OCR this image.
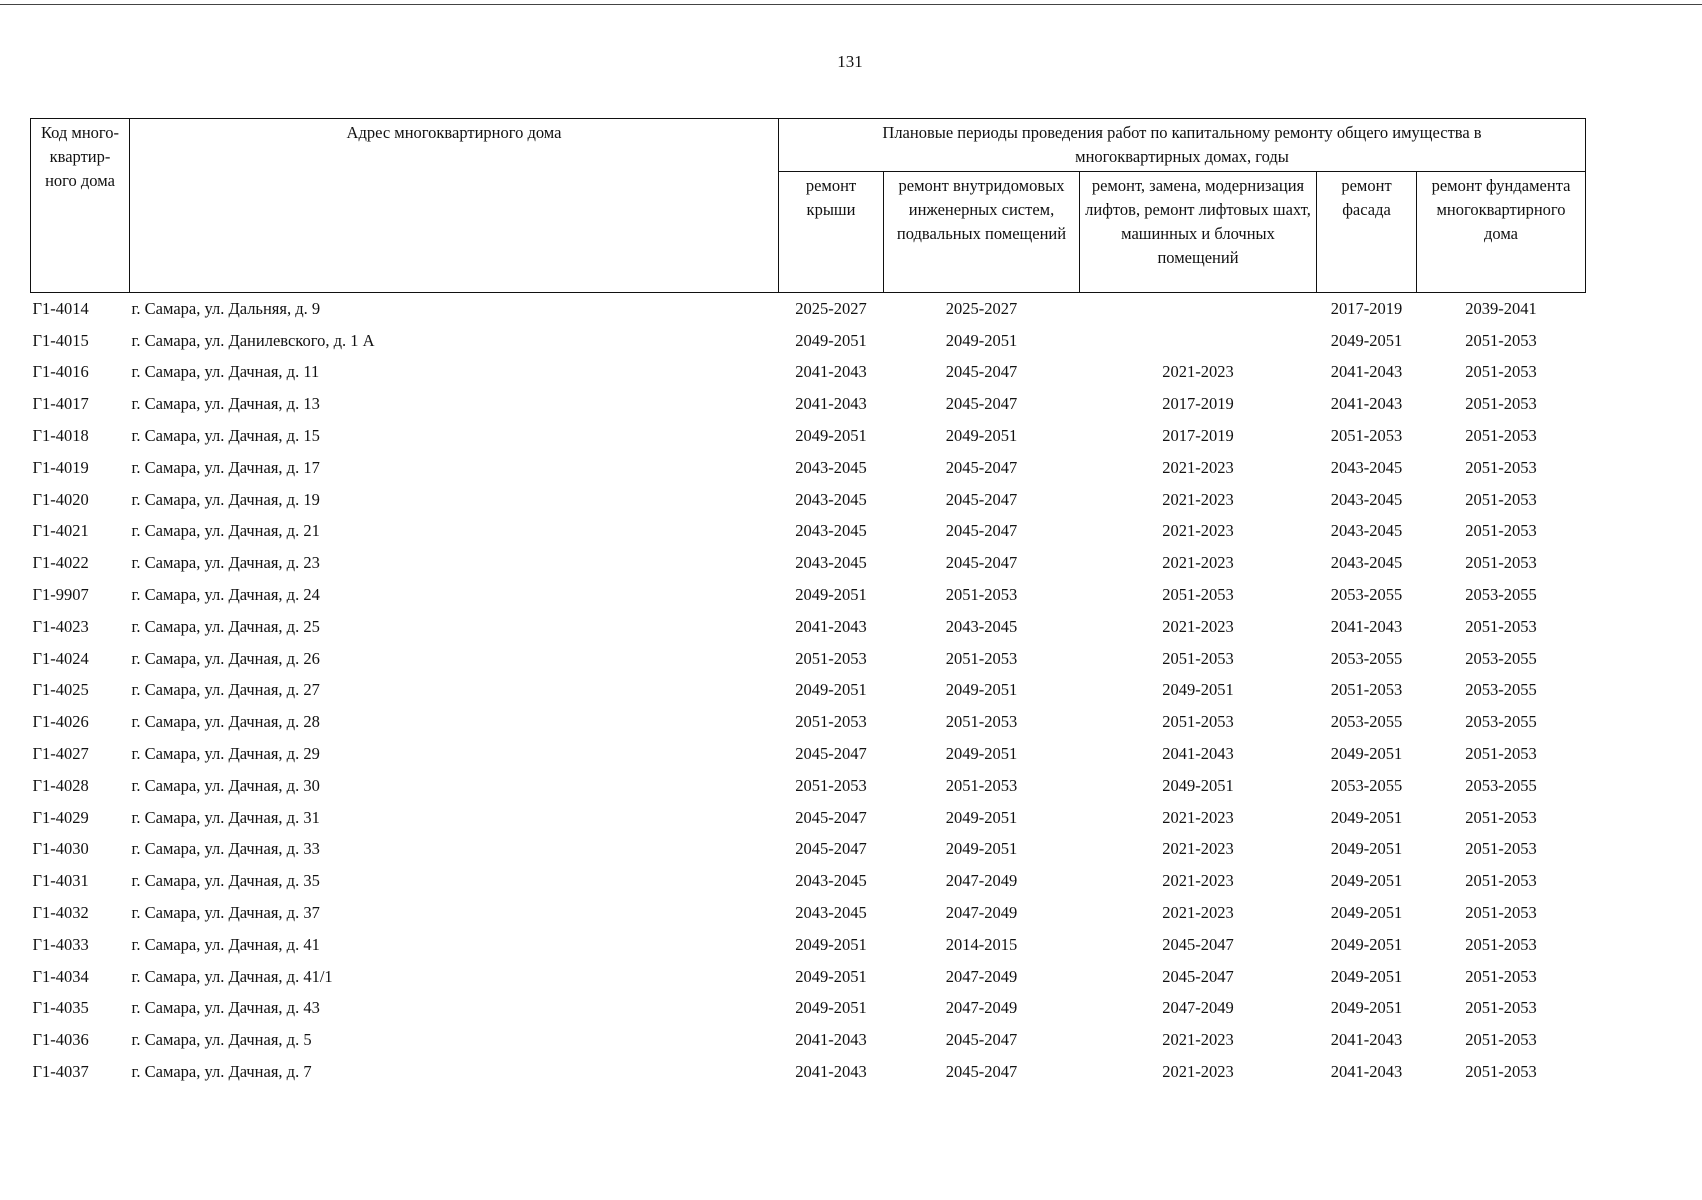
131
Код много-квартир-ного дома	Адрес многоквартирного дома	Плановые периоды проведения работ по капитальному ремонту общего имущества в многоквартирных домах, годы				
		ремонт крыши	ремонт внутридомовых инженерных систем, подвальных помещений	ремонт, замена, модернизация лифтов, ремонт лифтовых шахт, машинных и блочных помещений	ремонт фасада	ремонт фундамента многоквартирного дома
Г1-4014	г. Самара, ул. Дальняя, д. 9	2025-2027	2025-2027		2017-2019	2039-2041
Г1-4015	г. Самара, ул. Данилевского, д. 1 А	2049-2051	2049-2051		2049-2051	2051-2053
Г1-4016	г. Самара, ул. Дачная, д. 11	2041-2043	2045-2047	2021-2023	2041-2043	2051-2053
Г1-4017	г. Самара, ул. Дачная, д. 13	2041-2043	2045-2047	2017-2019	2041-2043	2051-2053
Г1-4018	г. Самара, ул. Дачная, д. 15	2049-2051	2049-2051	2017-2019	2051-2053	2051-2053
Г1-4019	г. Самара, ул. Дачная, д. 17	2043-2045	2045-2047	2021-2023	2043-2045	2051-2053
Г1-4020	г. Самара, ул. Дачная, д. 19	2043-2045	2045-2047	2021-2023	2043-2045	2051-2053
Г1-4021	г. Самара, ул. Дачная, д. 21	2043-2045	2045-2047	2021-2023	2043-2045	2051-2053
Г1-4022	г. Самара, ул. Дачная, д. 23	2043-2045	2045-2047	2021-2023	2043-2045	2051-2053
Г1-9907	г. Самара, ул. Дачная, д. 24	2049-2051	2051-2053	2051-2053	2053-2055	2053-2055
Г1-4023	г. Самара, ул. Дачная, д. 25	2041-2043	2043-2045	2021-2023	2041-2043	2051-2053
Г1-4024	г. Самара, ул. Дачная, д. 26	2051-2053	2051-2053	2051-2053	2053-2055	2053-2055
Г1-4025	г. Самара, ул. Дачная, д. 27	2049-2051	2049-2051	2049-2051	2051-2053	2053-2055
Г1-4026	г. Самара, ул. Дачная, д. 28	2051-2053	2051-2053	2051-2053	2053-2055	2053-2055
Г1-4027	г. Самара, ул. Дачная, д. 29	2045-2047	2049-2051	2041-2043	2049-2051	2051-2053
Г1-4028	г. Самара, ул. Дачная, д. 30	2051-2053	2051-2053	2049-2051	2053-2055	2053-2055
Г1-4029	г. Самара, ул. Дачная, д. 31	2045-2047	2049-2051	2021-2023	2049-2051	2051-2053
Г1-4030	г. Самара, ул. Дачная, д. 33	2045-2047	2049-2051	2021-2023	2049-2051	2051-2053
Г1-4031	г. Самара, ул. Дачная, д. 35	2043-2045	2047-2049	2021-2023	2049-2051	2051-2053
Г1-4032	г. Самара, ул. Дачная, д. 37	2043-2045	2047-2049	2021-2023	2049-2051	2051-2053
Г1-4033	г. Самара, ул. Дачная, д. 41	2049-2051	2014-2015	2045-2047	2049-2051	2051-2053
Г1-4034	г. Самара, ул. Дачная, д. 41/1	2049-2051	2047-2049	2045-2047	2049-2051	2051-2053
Г1-4035	г. Самара, ул. Дачная, д. 43	2049-2051	2047-2049	2047-2049	2049-2051	2051-2053
Г1-4036	г. Самара, ул. Дачная, д. 5	2041-2043	2045-2047	2021-2023	2041-2043	2051-2053
Г1-4037	г. Самара, ул. Дачная, д. 7	2041-2043	2045-2047	2021-2023	2041-2043	2051-2053
